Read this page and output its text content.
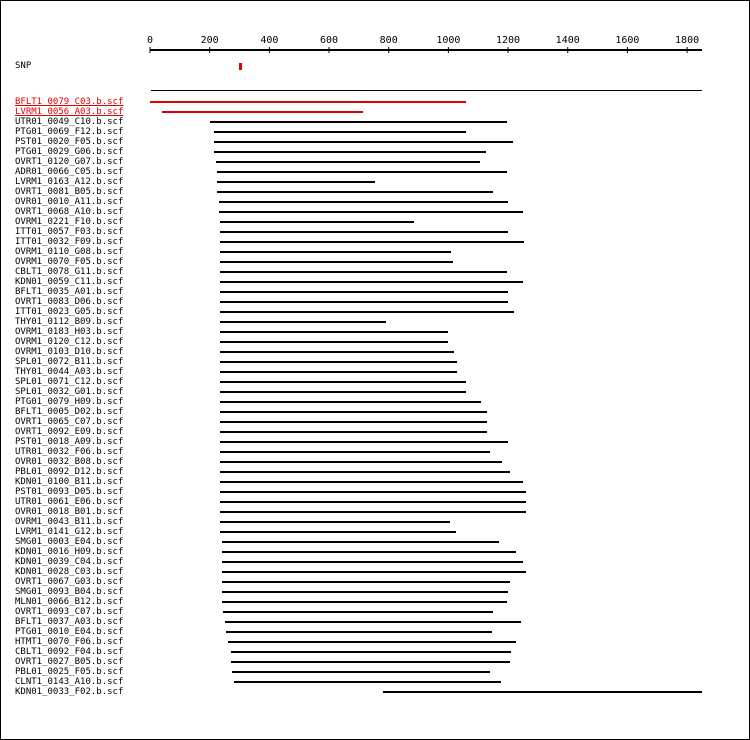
0	200	400	600	800	1000	1200	1400	1600	1800
SNP
BFLT1_0079_C03.b.scf
LVRM1_0056_A03.b.scf
UTR01_0049_C10.b.scf
PTG01_0069_F12.b.scf
PST01_0020_F05.b.scf
PTG01_0029_G06.b.scf
OVRT1_0120_G07.b.scf
ADR01_0066_C05.b.scf
LVRM1_0163_A12.b.scf
OVRT1_0081_B05.b.scf
OVR01_0010_A11.b.scf
OVRT1_0068_A10.b.scf
OVRM1_0221_F10.b.scf
ITT01_0057_F03.b.scf
ITT01_0032_F09.b.scf
OVRM1_0110_G08.b.scf
OVRM1_0070_F05.b.scf
CBLT1_0078_G11.b.scf
KDN01_0059_C11.b.scf
BFLT1_0035_A01.b.scf
OVRT1_0083_D06.b.scf
ITT01_0023_G05.b.scf
THY01_0112_B09.b.scf
OVRM1_0183_H03.b.scf
OVRM1_0120_C12.b.scf
OVRM1_0103_D10.b.scf
SPL01_0072_B11.b.scf
THY01_0044_A03.b.scf
SPL01_0071_C12.b.scf
SPL01_0032_G01.b.scf
PTG01_0079_H09.b.scf
BFLT1_0005_D02.b.scf
OVRT1_0065_C07.b.scf
OVRT1_0092_E09.b.scf
PST01_0018_A09.b.scf
UTR01_0032_F06.b.scf
OVR01_0032_B08.b.scf
PBL01_0092_D12.b.scf
KDN01_0100_B11.b.scf
PST01_0093_D05.b.scf
UTR01_0061_E06.b.scf
OVR01_0018_B01.b.scf
OVRM1_0043_B11.b.scf
LVRM1_0141_G12.b.scf
SMG01_0003_E04.b.scf
KDN01_0016_H09.b.scf
KDN01_0039_C04.b.scf
KDN01_0028_C03.b.scf
OVRT1_0067_G03.b.scf
SMG01_0093_B04.b.scf
MLN01_0066_B12.b.scf
OVRT1_0093_C07.b.scf
BFLT1_0037_A03.b.scf
PTG01_0010_E04.b.scf
HTMT1_0070_F06.b.scf
CBLT1_0092_F04.b.scf
OVRT1_0027_B05.b.scf
PBL01_0025_F05.b.scf
CLNT1_0143_A10.b.scf
KDN01_0033_F02.b.scf
